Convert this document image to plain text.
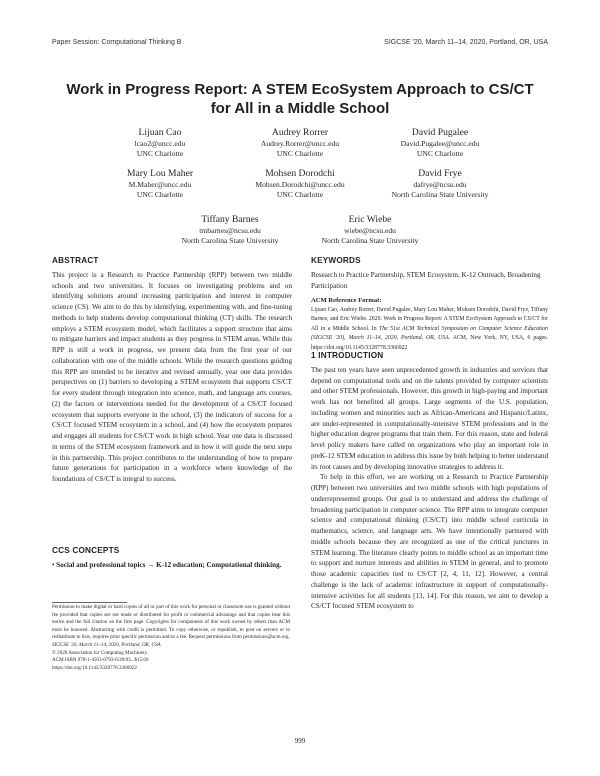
Paper Session: Computational Thinking B	SIGCSE '20, March 11–14, 2020, Portland, OR, USA
Work in Progress Report: A STEM EcoSystem Approach to CS/CT
for All in a Middle School
Lijuan Cao
lcao2@uncc.edu
UNC Charlotte
Audrey Rorrer
Audrey.Rorrer@uncc.edu
UNC Charlotte
David Pugalee
David.Pugalee@uncc.edu
UNC Charlotte
Mary Lou Maher
M.Maher@uncc.edu
UNC Charlotte
Mohsen Dorodchi
Mohsen.Dorodchi@uncc.edu
UNC Charlotte
David Frye
dafrye@ncsu.edu
North Carolina State University
Tiffany Barnes
tmbarnes@ncsu.edu
North Carolina State University
Eric Wiebe
wiebe@ncsu.edu
North Carolina State University
ABSTRACT

This project is a Research to Practice Partnership (RPP) between two middle schools and two universities. It focuses on investigating problems and on identifying solutions around increasing participation and interest in computer science (CS). We aim to do this by identifying, experimenting with, and fine-tuning methods to help students develop computational thinking (CT) skills. The research employs a STEM ecosystem model, which facilitates a support structure that aims to mitigate barriers and impact students as they progress in STEM areas. While this RPP is still a work in progress, we present data from the first year of our collaboration with one of the middle schools. While the research questions guiding this RPP are intended to be iterative and revised annually, year one data provides perspectives on (1) barriers to developing a STEM ecosystem that supports CS/CT for every student through integration into science, math, and language arts courses, (2) the factors or interventions needed for the development of a CS/CT focused ecosystem that supports everyone in the school, (3) the indicators of success for a CS/CT focused STEM ecosystem in a school, and (4) how the ecosystem prepares and engages all students for CS/CT work in high school. Year one data is discussed in terms of the STEM ecosystem framework and in how it will guide the next steps in this partnership. This project contributes to the understanding of how to prepare future generations for participation in a workforce where knowledge of the foundations of CS/CT is integral to success.

CCS CONCEPTS

• Social and professional topics → K-12 education; Computational thinking.

Permission to make digital or hard copies of all or part of this work for personal or classroom use is granted without fee provided that copies are not made or distributed for profit or commercial advantage and that copies bear this notice and the full citation on the first page. Copyrights for components of this work owned by others than ACM must be honored. Abstracting with credit is permitted. To copy otherwise, or republish, to post on servers or to redistribute to lists, requires prior specific permission and/or a fee. Request permissions from permissions@acm.org.

SIGCSE '20, March 11–14, 2020, Portland, OR, USA

© 2020 Association for Computing Machinery.

ACM ISBN 978-1-4503-6793-6/20/03...$15.00

https://doi.org/10.1145/3328778.3366922

KEYWORDS

Research to Practice Partnership, STEM Ecosystem, K-12 Outreach, Broadening Participation

ACM Reference Format:

Lijuan Cao, Audrey Rorrer, David Pugalee, Mary Lou Maher, Mohsen Dorodchi, David Frye, Tiffany Barnes, and Eric Wiebe. 2020. Work in Progress Report: A STEM EcoSystem Approach to CS/CT for All in a Middle School. In The 51st ACM Technical Symposium on Computer Science Education (SIGCSE '20), March 11–14, 2020, Portland, OR, USA. ACM, New York, NY, USA, 6 pages. https://doi.org/10.1145/3328778.3366922

1 INTRODUCTION

The past ten years have seen unprecedented growth in industries and services that depend on computational tools and on the talents provided by computer scientists and other STEM professionals. However, this growth in high-paying and important work has not benefited all groups. Large segments of the U.S. population, including women and minorities such as African-Americans and Hispanic/Latinx, are under-represented in computationally-intensive STEM professions and in the higher education degree programs that train them. For this reason, state and federal level policy makers have called on organizations who play an important role in preK-12 STEM education to address this issue by both helping to better understand its root causes and by developing innovative strategies to address it.

To help in this effort, we are working on a Research to Practice Partnership (RPP) between two universities and two middle schools with high populations of underrepresented groups. Our goal is to understand and address the challenge of broadening participation in computer science. The RPP aims to integrate computer science and computational thinking (CS/CT) into middle school curricula in mathematics, science, and language arts. We have intentionally partnered with middle schools because they are recognized as one of the critical junctures in STEM learning. The literature clearly points to middle school as an important time to support and nurture interests and abilities in STEM in general, and to promote those academic capacities tied to CS/CT [2, 4, 11, 12]. However, a central challenge is the lack of academic infrastructure in support of computationally-intensive activities for all students [13, 14]. For this reason, we aim to develop a CS/CT focused STEM ecosystem to

999
